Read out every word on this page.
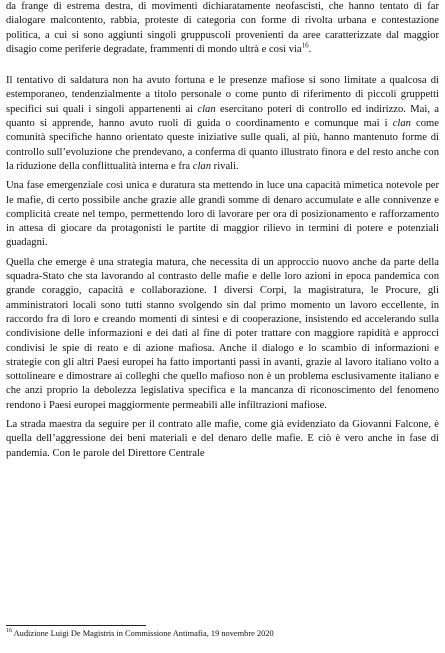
da frange di estrema destra, di movimenti dichiaratamente neofascisti, che hanno tentato di far dialogare malcontento, rabbia, proteste di categoria con forme di rivolta urbana e contestazione politica, a cui si sono aggiunti singoli gruppuscoli provenienti da aree caratterizzate dal maggior disagio come periferie degradate, frammenti di mondo ultrà e così via$^{16}$.

Il tentativo di saldatura non ha avuto fortuna e le presenze mafiose si sono limitate a qualcosa di estemporaneo, tendenzialmente a titolo personale o come punto di riferimento di piccoli gruppetti specifici sui quali i singoli appartenenti ai clan esercitano poteri di controllo ed indirizzo. Mai, a quanto si apprende, hanno avuto ruoli di guida o coordinamento e comunque mai i clan come comunità specifiche hanno orientato queste iniziative sulle quali, al più, hanno mantenuto forme di controllo sull’evoluzione che prendevano, a conferma di quanto illustrato finora e del resto anche con la riduzione della conflittualità interna e fra clan rivali.

Una fase emergenziale così unica e duratura sta mettendo in luce una capacità mimetica notevole per le mafie, di certo possibile anche grazie alle grandi somme di denaro accumulate e alle connivenze e complicità create nel tempo, permettendo loro di lavorare per ora di posizionamento e rafforzamento in attesa di giocare da protagonisti le partite di maggior rilievo in termini di potere e potenziali guadagni.

Quella che emerge è una strategia matura, che necessita di un approccio nuovo anche da parte della squadra-Stato che sta lavorando al contrasto delle mafie e delle loro azioni in epoca pandemica con grande coraggio, capacità e collaborazione. I diversi Corpi, la magistratura, le Procure, gli amministratori locali sono tutti stanno svolgendo sin dal primo momento un lavoro eccellente, in raccordo fra di loro e creando momenti di sintesi e di cooperazione, insistendo ed accelerando sulla condivisione delle informazioni e dei dati al fine di poter trattare con maggiore rapidità e approcci condivisi le spie di reato e di azione mafiosa. Anche il dialogo e lo scambio di informazioni e strategie con gli altri Paesi europei ha fatto importanti passi in avanti, grazie al lavoro italiano volto a sottolineare e dimostrare ai colleghi che quello mafioso non è un problema esclusivamente italiano e che anzi proprio la debolezza legislativa specifica e la mancanza di riconoscimento del fenomeno rendono i Paesi europei maggiormente permeabili alle infiltrazioni mafiose.

La strada maestra da seguire per il contrato alle mafie, come già evidenziato da Giovanni Falcone, è quella dell’aggressione dei beni materiali e del denaro delle mafie. E ciò è vero anche in fase di pandemia. Con le parole del Direttore Centrale

$^{16}$ Audizione Luigi De Magistris in Commissione Antimafia, 19 novembre 2020
